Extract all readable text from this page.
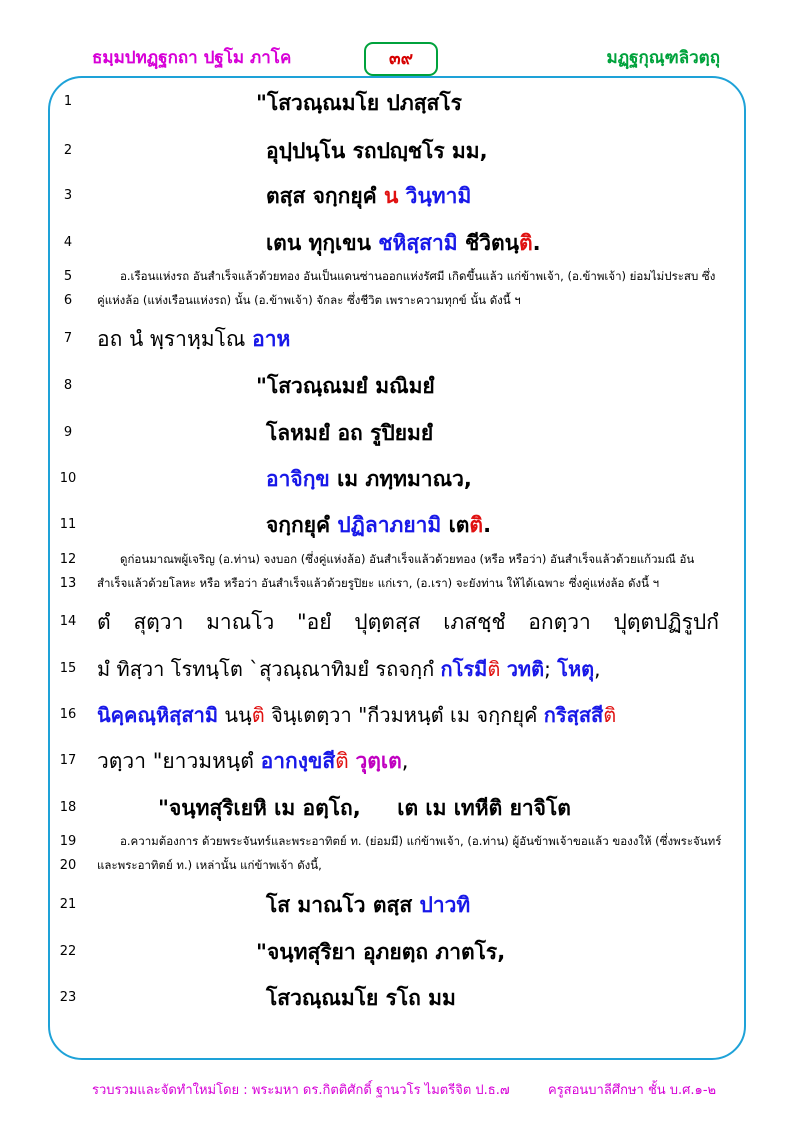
ธมฺมปทฏฺฐกถา ปฐโม ภาโค	๓๙	มฏฺฐกุณฺฑลิวตฺถุ
1
2
3
4
5
6
7
8
9
10
11
12
13
14
15
16
17
18
19
20
21
22
23
"โสวณฺณมโย ปภสฺสโร
อุปฺปนฺโน รถปญฺชโร มม,
ตสฺส จกฺกยุคํ น วินฺทามิ
เตน ทุกฺเขน ชหิสฺสามิ ชีวิตนฺติ.
อ.เรือนแห่งรถ อันสำเร็จแล้วด้วยทอง อันเป็นแดนซ่านออกแห่งรัศมี เกิดขึ้นแล้ว แก่ข้าพเจ้า, (อ.ข้าพเจ้า) ย่อมไม่ประสบ ซึ่ง
คู่แห่งล้อ (แห่งเรือนแห่งรถ) นั้น (อ.ข้าพเจ้า) จักละ ซึ่งชีวิต เพราะความทุกข์ นั้น ดังนี้ ฯ
อถ นํ พฺราหฺมโณ อาห
"โสวณฺณมยํ มณิมยํ
โลหมยํ อถ รูปิยมยํ
อาจิกฺข เม ภทฺทมาณว,
จกฺกยุคํ ปฏิลาภยามิ เตติ.
ดูก่อนมาณพผู้เจริญ (อ.ท่าน) จงบอก (ซึ่งคู่แห่งล้อ) อันสำเร็จแล้วด้วยทอง (หรือ หรือว่า) อันสำเร็จแล้วด้วยแก้วมณี อัน
สำเร็จแล้วด้วยโลหะ หรือ หรือว่า อันสำเร็จแล้วด้วยรูปิยะ แก่เรา, (อ.เรา) จะยังท่าน ให้ได้เฉพาะ ซึ่งคู่แห่งล้อ ดังนี้ ฯ
ตํ สุตฺวา มาณโว "อยํ ปุตฺตสฺส เภสชฺชํ อกตฺวา ปุตฺตปฏิรูปกํ
มํ ทิสฺวา โรทนฺโต `สุวณฺณาทิมยํ รถจกฺกํ กโรมีติ วทติ; โหตุ,
นิคฺคณฺหิสฺสามิ นนฺติ จินฺเตตฺวา "กีวมหนฺตํ เม จกฺกยุคํ กริสฺสสีติ
วตฺวา "ยาวมหนฺตํ อากงฺขสีติ วุตฺเต,
"จนฺทสุริเยหิ เม อตฺโถ, เต เม เทหีติ ยาจิโต
อ.ความต้องการ ด้วยพระจันทร์และพระอาทิตย์ ท. (ย่อมมี) แก่ข้าพเจ้า, (อ.ท่าน) ผู้อันข้าพเจ้าขอแล้ว ของงให้ (ซึ่งพระจันทร์
และพระอาทิตย์ ท.) เหล่านั้น แก่ข้าพเจ้า ดังนี้,
โส มาณโว ตสฺส ปาวทิ
"จนฺทสุริยา อุภยตฺถ ภาตโร,
โสวณฺณมโย รโถ มม
รวบรวมและจัดทำใหม่โดย : พระมหา ดร.กิตติศักดิ์ ฐานวโร ไมตรีจิต ป.ธ.๗	ครูสอนบาลีศึกษา ชั้น บ.ศ.๑-๒
